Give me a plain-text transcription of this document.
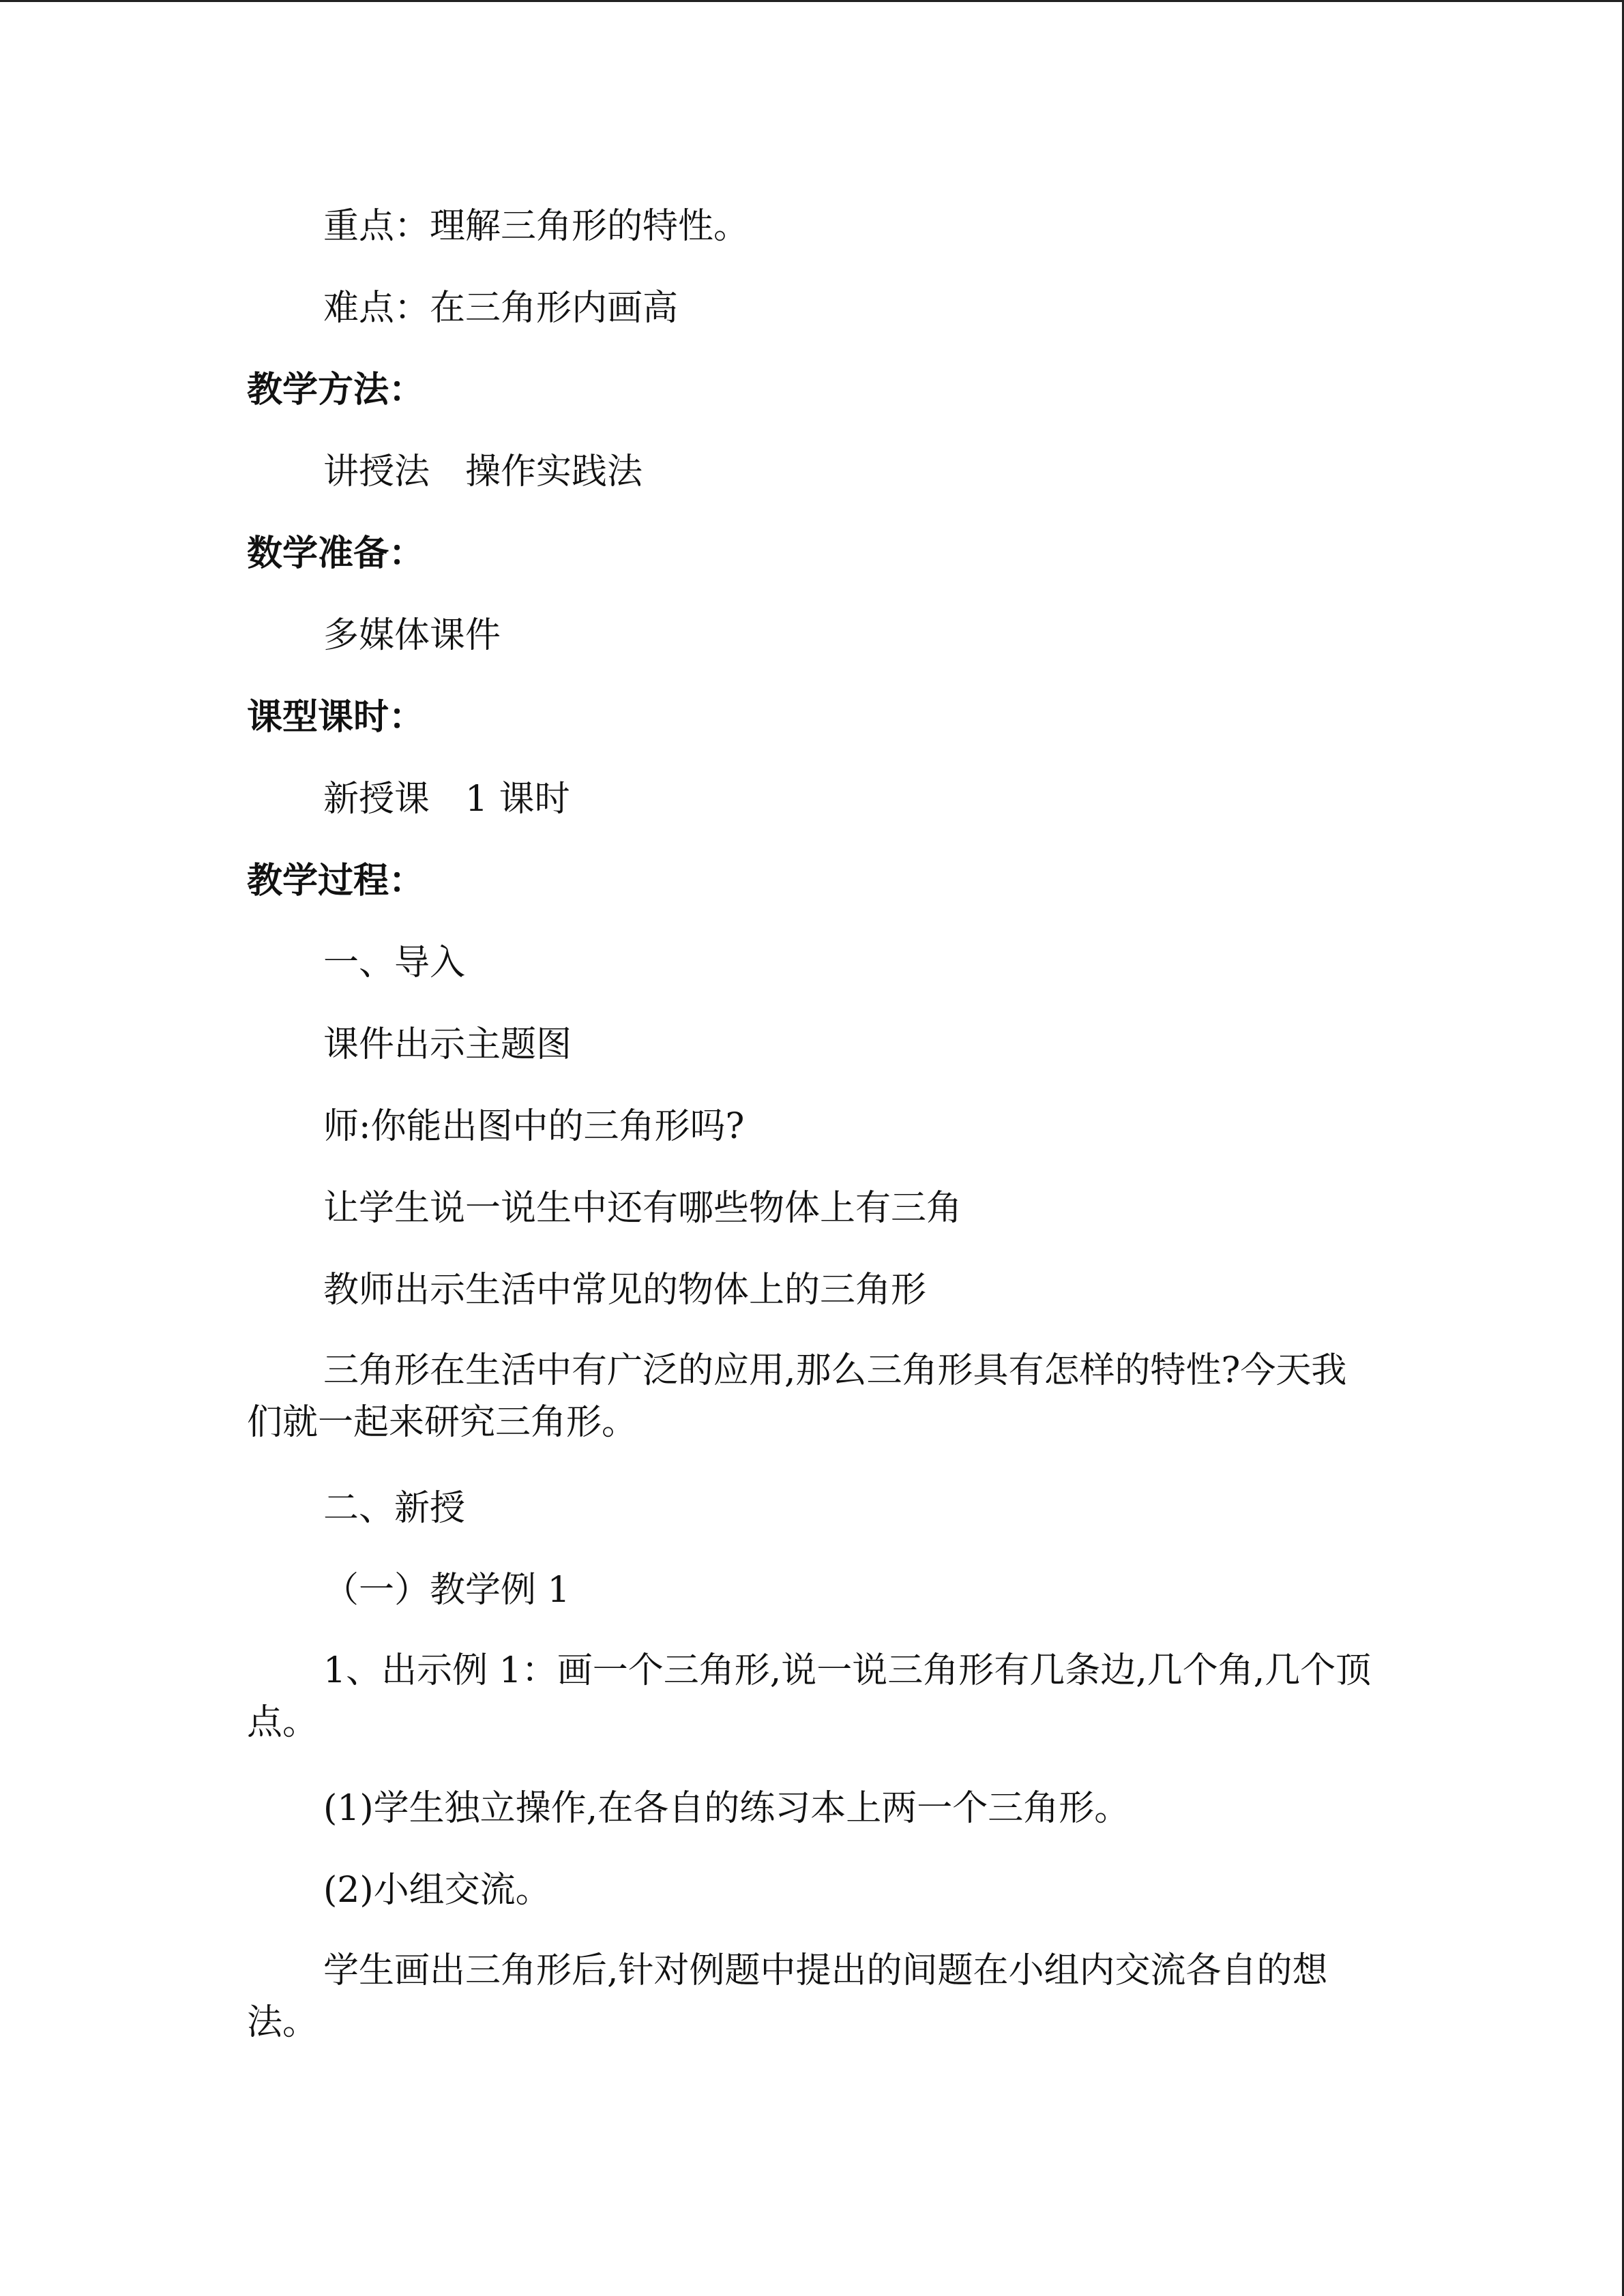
重点：理解三角形的特性。

难点：在三角形内画高

教学方法：

讲授法　操作实践法

数学准备：

多媒体课件

课型课时：

新授课　1 课时

教学过程：

一、导入

课件出示主题图

师:你能出图中的三角形吗?

让学生说一说生中还有哪些物体上有三角

教师出示生活中常见的物体上的三角形

三角形在生活中有广泛的应用,那么三角形具有怎样的特性?今天我们就一起来研究三角形。

二、新授

（一）教学例 1

1、出示例 1：画一个三角形,说一说三角形有几条边,几个角,几个顶点。

(1)学生独立操作,在各自的练习本上两一个三角形。

(2)小组交流。

学生画出三角形后,针对例题中提出的间题在小组内交流各自的想法。
